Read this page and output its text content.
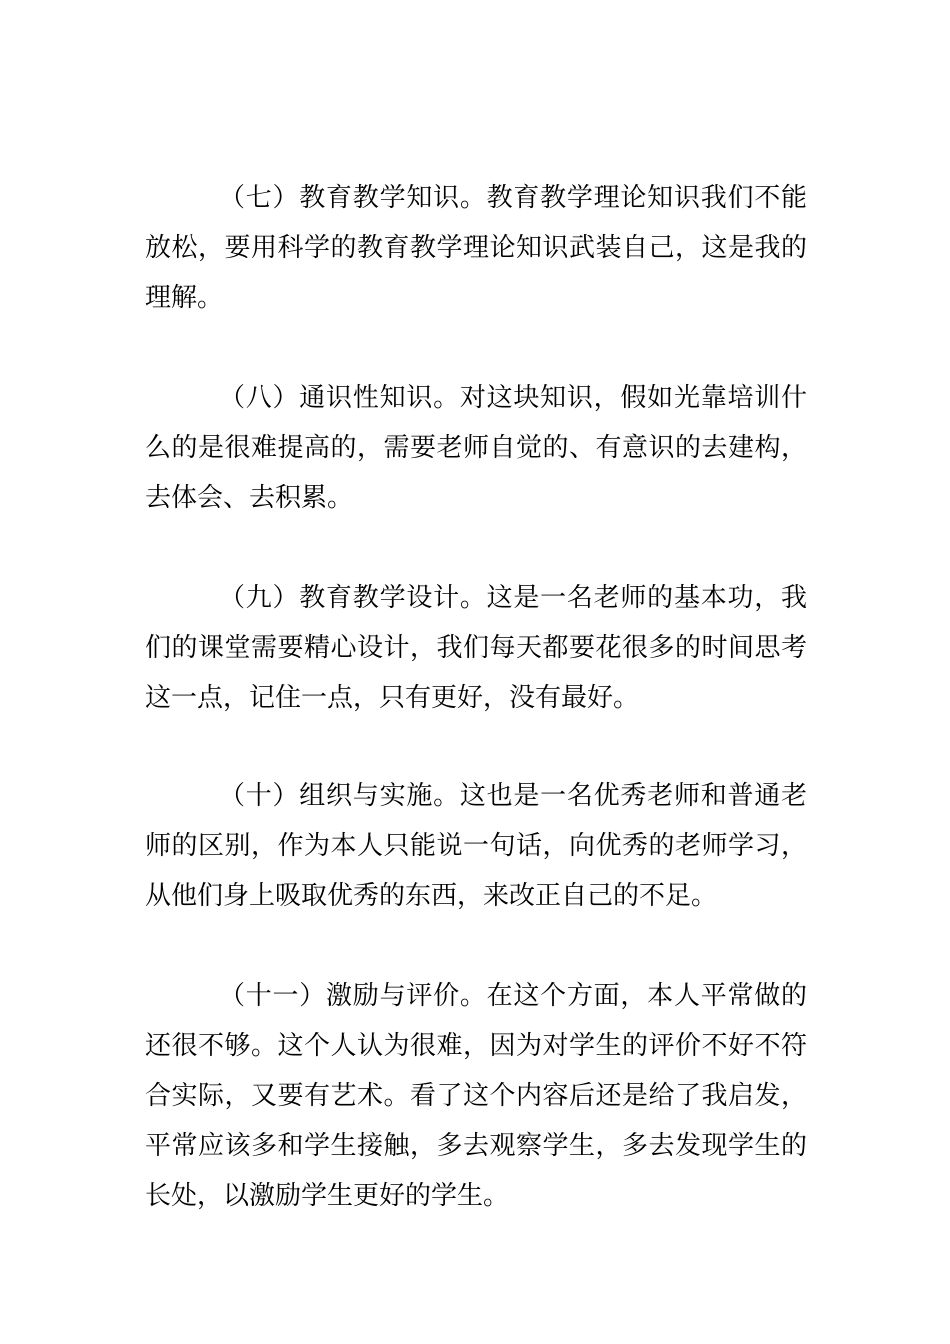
（七）教育教学知识。教育教学理论知识我们不能放松，要用科学的教育教学理论知识武装自己，这是我的理解。

（八）通识性知识。对这块知识，假如光靠培训什么的是很难提高的，需要老师自觉的、有意识的去建构，去体会、去积累。

（九）教育教学设计。这是一名老师的基本功，我们的课堂需要精心设计，我们每天都要花很多的时间思考这一点，记住一点，只有更好，没有最好。

（十）组织与实施。这也是一名优秀老师和普通老师的区别，作为本人只能说一句话，向优秀的老师学习，从他们身上吸取优秀的东西，来改正自己的不足。

（十一）激励与评价。在这个方面，本人平常做的还很不够。这个人认为很难，因为对学生的评价不好不符合实际，又要有艺术。看了这个内容后还是给了我启发，平常应该多和学生接触，多去观察学生，多去发现学生的长处，以激励学生更好的学生。
